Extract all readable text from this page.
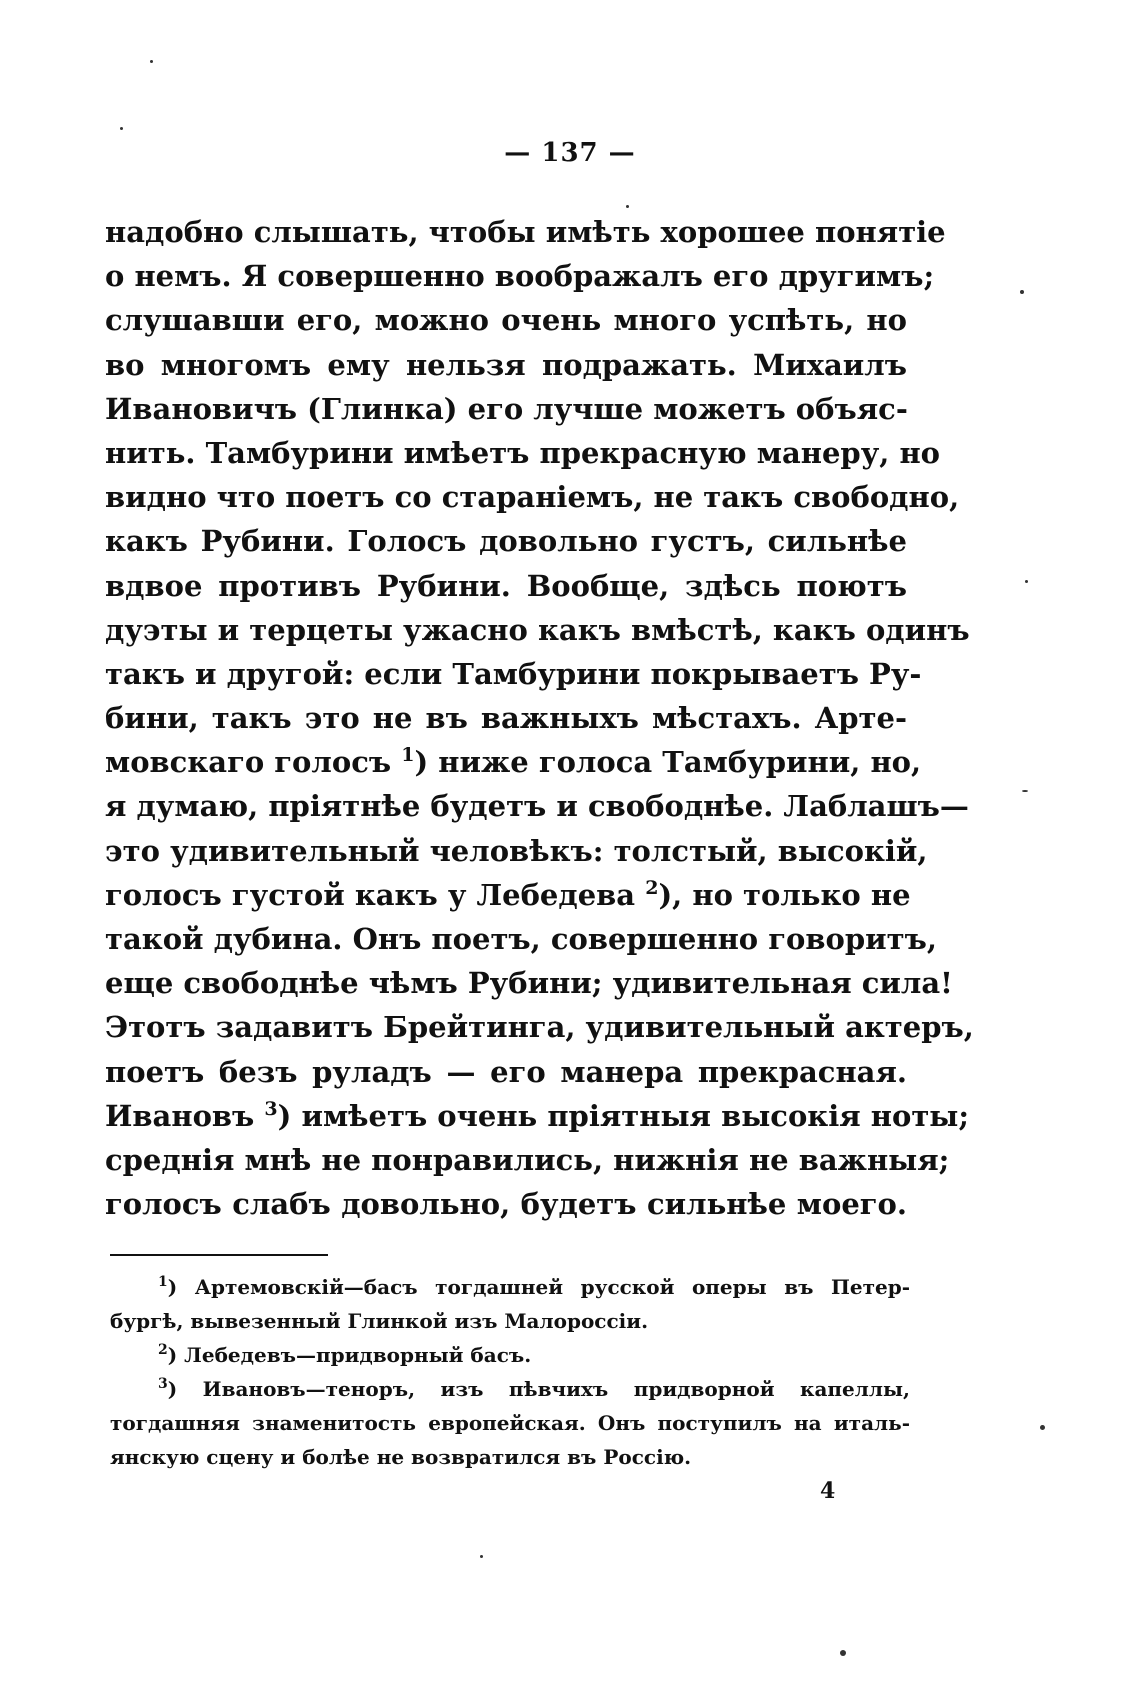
— 137 —
надобно слышать, чтобы имѣть хорошее понятіе
о немъ. Я совершенно воображалъ его другимъ;
слушавши его, можно очень много успѣть, но
во многомъ ему нельзя подражать. Михаилъ
Ивановичъ (Глинка) его лучше можетъ объяс-
нить. Тамбурини имѣетъ прекрасную манеру, но
видно что поетъ со стараніемъ, не такъ свободно,
какъ Рубини. Голосъ довольно густъ, сильнѣе
вдвое противъ Рубини. Вообще, здѣсь поютъ
дуэты и терцеты ужасно какъ вмѣстѣ, какъ одинъ
такъ и другой: если Тамбурини покрываетъ Ру-
бини, такъ это не въ важныхъ мѣстахъ. Арте-
мовскаго голосъ $^1$) ниже голоса Тамбурини, но,
я думаю, пріятнѣе будетъ и свободнѣе. Лаблашъ—
это удивительный человѣкъ: толстый, высокій,
голосъ густой какъ у Лебедева $^2$), но только не
такой дубина. Онъ поетъ, совершенно говоритъ,
еще свободнѣе чѣмъ Рубини; удивительная сила!
Этотъ задавитъ Брейтинга, удивительный актеръ,
поетъ безъ руладъ — его манера прекрасная.
Ивановъ $^3$) имѣетъ очень пріятныя высокія ноты;
среднія мнѣ не понравились, нижнія не важныя;
голосъ слабъ довольно, будетъ сильнѣе моего.
$^1$) Артемовскій—басъ тогдашней русской оперы въ Петер-
бургѣ, вывезенный Глинкой изъ Малороссіи.
$^2$) Лебедевъ—придворный басъ.
$^3$) Ивановъ—теноръ, изъ пѣвчихъ придворной капеллы,
тогдашняя знаменитость европейская. Онъ поступилъ на италь-
янскую сцену и болѣе не возвратился въ Россію.
4
